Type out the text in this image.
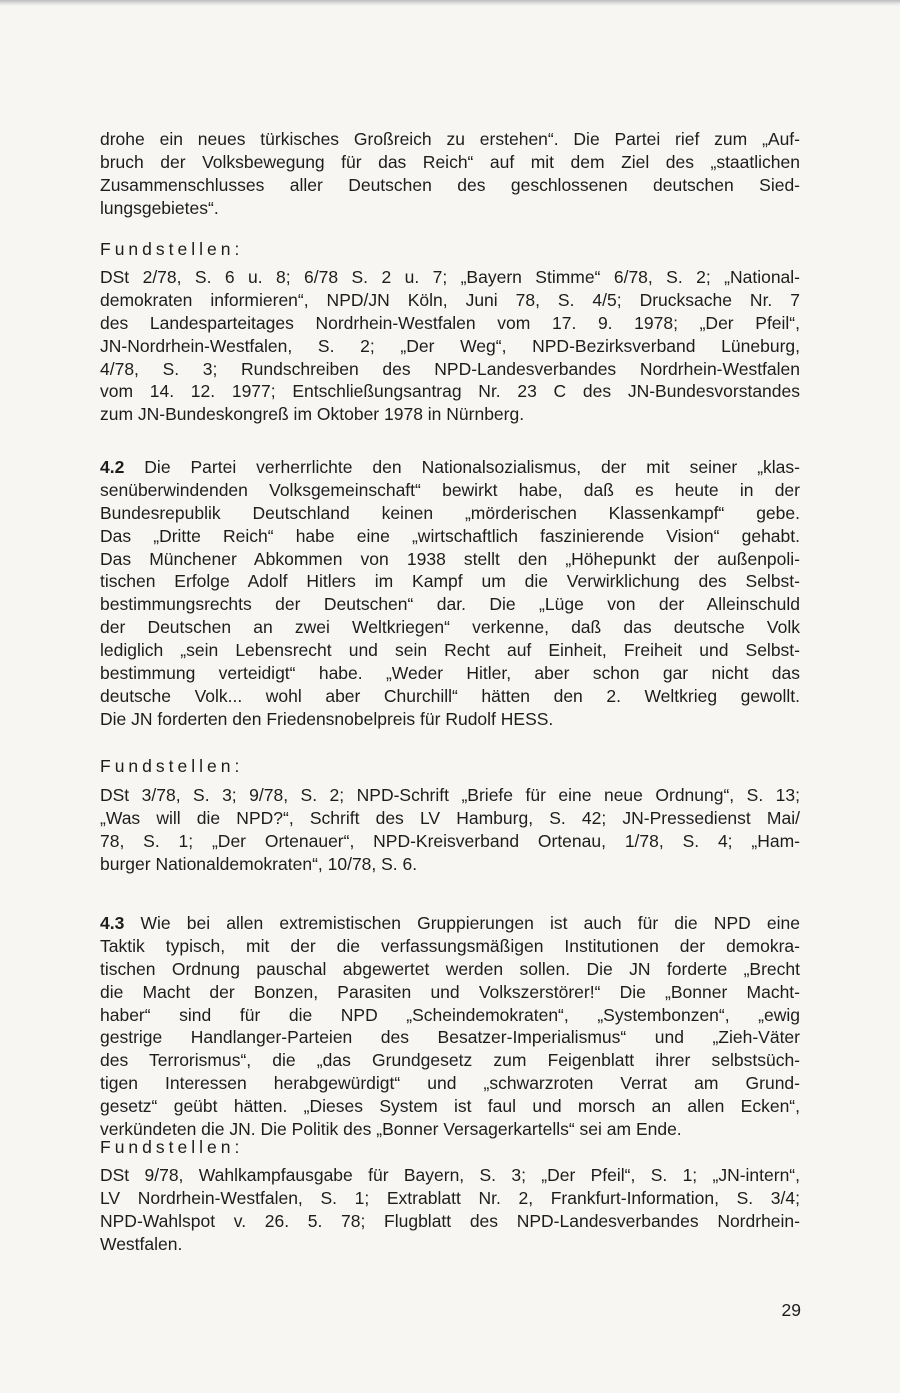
drohe ein neues türkisches Großreich zu erstehen“. Die Partei rief zum „Auf-
bruch der Volksbewegung für das Reich“ auf mit dem Ziel des „staatlichen
Zusammenschlusses aller Deutschen des geschlossenen deutschen Sied-
lungsgebietes“.
Fundstellen:
DSt 2/78, S. 6 u. 8; 6/78 S. 2 u. 7; „Bayern Stimme“ 6/78, S. 2; „National-
demokraten informieren“, NPD/JN Köln, Juni 78, S. 4/5; Drucksache Nr. 7
des Landesparteitages Nordrhein-Westfalen vom 17. 9. 1978; „Der Pfeil“,
JN-Nordrhein-Westfalen, S. 2; „Der Weg“, NPD-Bezirksverband Lüneburg,
4/78, S. 3; Rundschreiben des NPD-Landesverbandes Nordrhein-Westfalen
vom 14. 12. 1977; Entschließungsantrag Nr. 23 C des JN-Bundesvorstandes
zum JN-Bundeskongreß im Oktober 1978 in Nürnberg.
4.2 Die Partei verherrlichte den Nationalsozialismus, der mit seiner „klas-
senüberwindenden Volksgemeinschaft“ bewirkt habe, daß es heute in der
Bundesrepublik Deutschland keinen „mörderischen Klassenkampf“ gebe.
Das „Dritte Reich“ habe eine „wirtschaftlich faszinierende Vision“ gehabt.
Das Münchener Abkommen von 1938 stellt den „Höhepunkt der außenpoli-
tischen Erfolge Adolf Hitlers im Kampf um die Verwirklichung des Selbst-
bestimmungsrechts der Deutschen“ dar. Die „Lüge von der Alleinschuld
der Deutschen an zwei Weltkriegen“ verkenne, daß das deutsche Volk
lediglich „sein Lebensrecht und sein Recht auf Einheit, Freiheit und Selbst-
bestimmung verteidigt“ habe. „Weder Hitler, aber schon gar nicht das
deutsche Volk... wohl aber Churchill“ hätten den 2. Weltkrieg gewollt.
Die JN forderten den Friedensnobelpreis für Rudolf HESS.
Fundstellen:
DSt 3/78, S. 3; 9/78, S. 2; NPD-Schrift „Briefe für eine neue Ordnung“, S. 13;
„Was will die NPD?“, Schrift des LV Hamburg, S. 42; JN-Pressedienst Mai/
78, S. 1; „Der Ortenauer“, NPD-Kreisverband Ortenau, 1/78, S. 4; „Ham-
burger Nationaldemokraten“, 10/78, S. 6.
4.3 Wie bei allen extremistischen Gruppierungen ist auch für die NPD eine
Taktik typisch, mit der die verfassungsmäßigen Institutionen der demokra-
tischen Ordnung pauschal abgewertet werden sollen. Die JN forderte „Brecht
die Macht der Bonzen, Parasiten und Volkszerstörer!“ Die „Bonner Macht-
haber“ sind für die NPD „Scheindemokraten“, „Systembonzen“, „ewig
gestrige Handlanger-Parteien des Besatzer-Imperialismus“ und „Zieh-Väter
des Terrorismus“, die „das Grundgesetz zum Feigenblatt ihrer selbstsüch-
tigen Interessen herabgewürdigt“ und „schwarzroten Verrat am Grund-
gesetz“ geübt hätten. „Dieses System ist faul und morsch an allen Ecken“,
verkündeten die JN. Die Politik des „Bonner Versagerkartells“ sei am Ende.
Fundstellen:
DSt 9/78, Wahlkampfausgabe für Bayern, S. 3; „Der Pfeil“, S. 1; „JN-intern“,
LV Nordrhein-Westfalen, S. 1; Extrablatt Nr. 2, Frankfurt-Information, S. 3/4;
NPD-Wahlspot v. 26. 5. 78; Flugblatt des NPD-Landesverbandes Nordrhein-
Westfalen.
29
